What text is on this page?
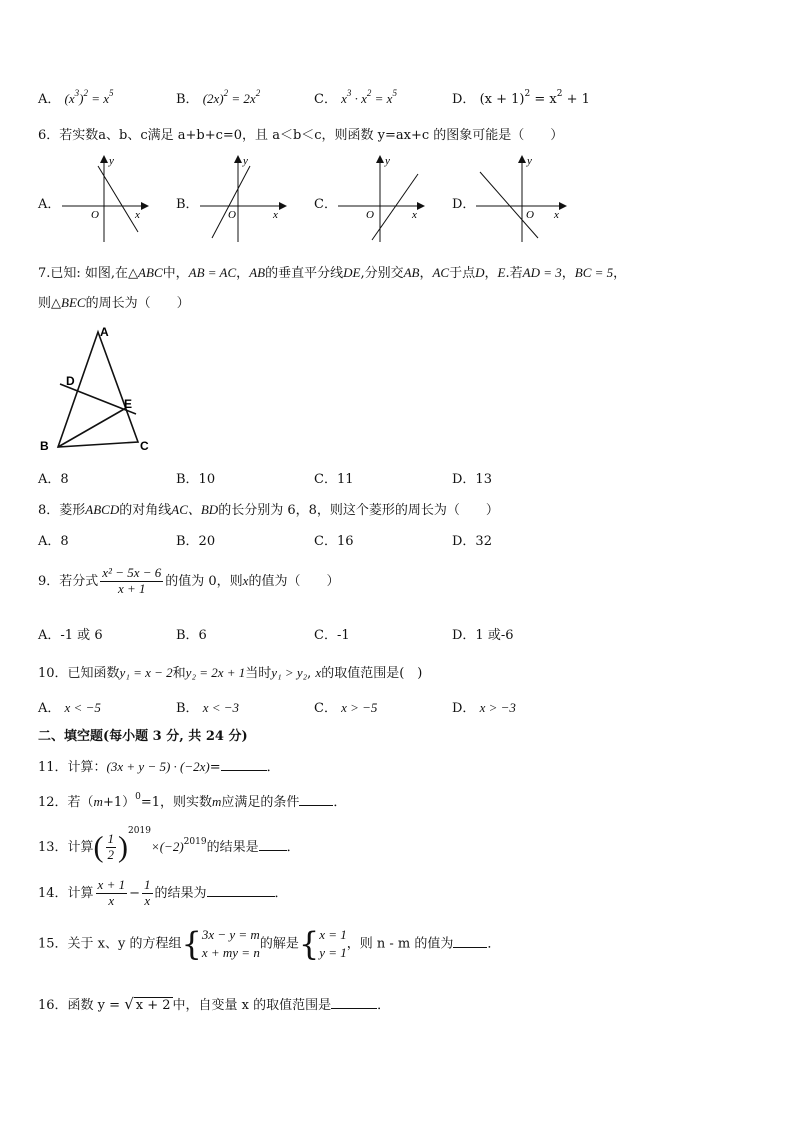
A． $(x^3)^2 = x^5$	B． $(2x)^2 = 2x^2$	C． $x^3 \cdot x^2 = x^5$	D． $(x + 1)^2 = x^2 + 1$
6．若实数a、b、c满足 a+b+c=0，且 a＜b＜c，则函数 y=ax+c 的图象可能是（　　）
A．	B．	C．	D．
y
x
O
y
x
O
y
x
O
y
x
O
7.已知: 如图,在△ABC中，AB = AC，AB的垂直平分线DE,分别交AB，AC于点D，E.若AD = 3，BC = 5，
则△BEC的周长为（　　）
A
D
E
B	C
A．8	B．10	C．11	D．13
8．菱形ABCD的对角线AC、BD的长分别为 6，8，则这个菱形的周长为（　　）
A．8	B．20	C．16	D．32
9．若分式 $\frac{\text{x² − 5x − 6}}{x + 1}$ 的值为 0，则x的值为（　　）
A．-1 或 6	B．6	C．-1	D．1 或-6
10．已知函数y₁ = x − 2和y₂ = 2x + 1当时y₁ > y₂, x的取值范围是(　)
A． x < −5	B． x < −3	C． x > −5	D． x > −3
二、填空题(每小题 3 分, 共 24 分)
11．计算：(3x + y − 5) · (−2x)=	．
12．若$(m+1)^0=1$，则实数m应满足的条件	．
13．计算( $\frac{1}{2} )^{2019}\times(-2)^{2019}$的结果是 ．
14．计算 $\frac{x + 1}{x} - \frac{1}{x}$ 的结果为	．
15．关于 x、y 的方程组{ 3x − y = m
x + my = n
的解是{ x = 1
y = 1
，则 n - m 的值为	．
16．函数 y = √ x + 2 中，自变量 x 的取值范围是	．
